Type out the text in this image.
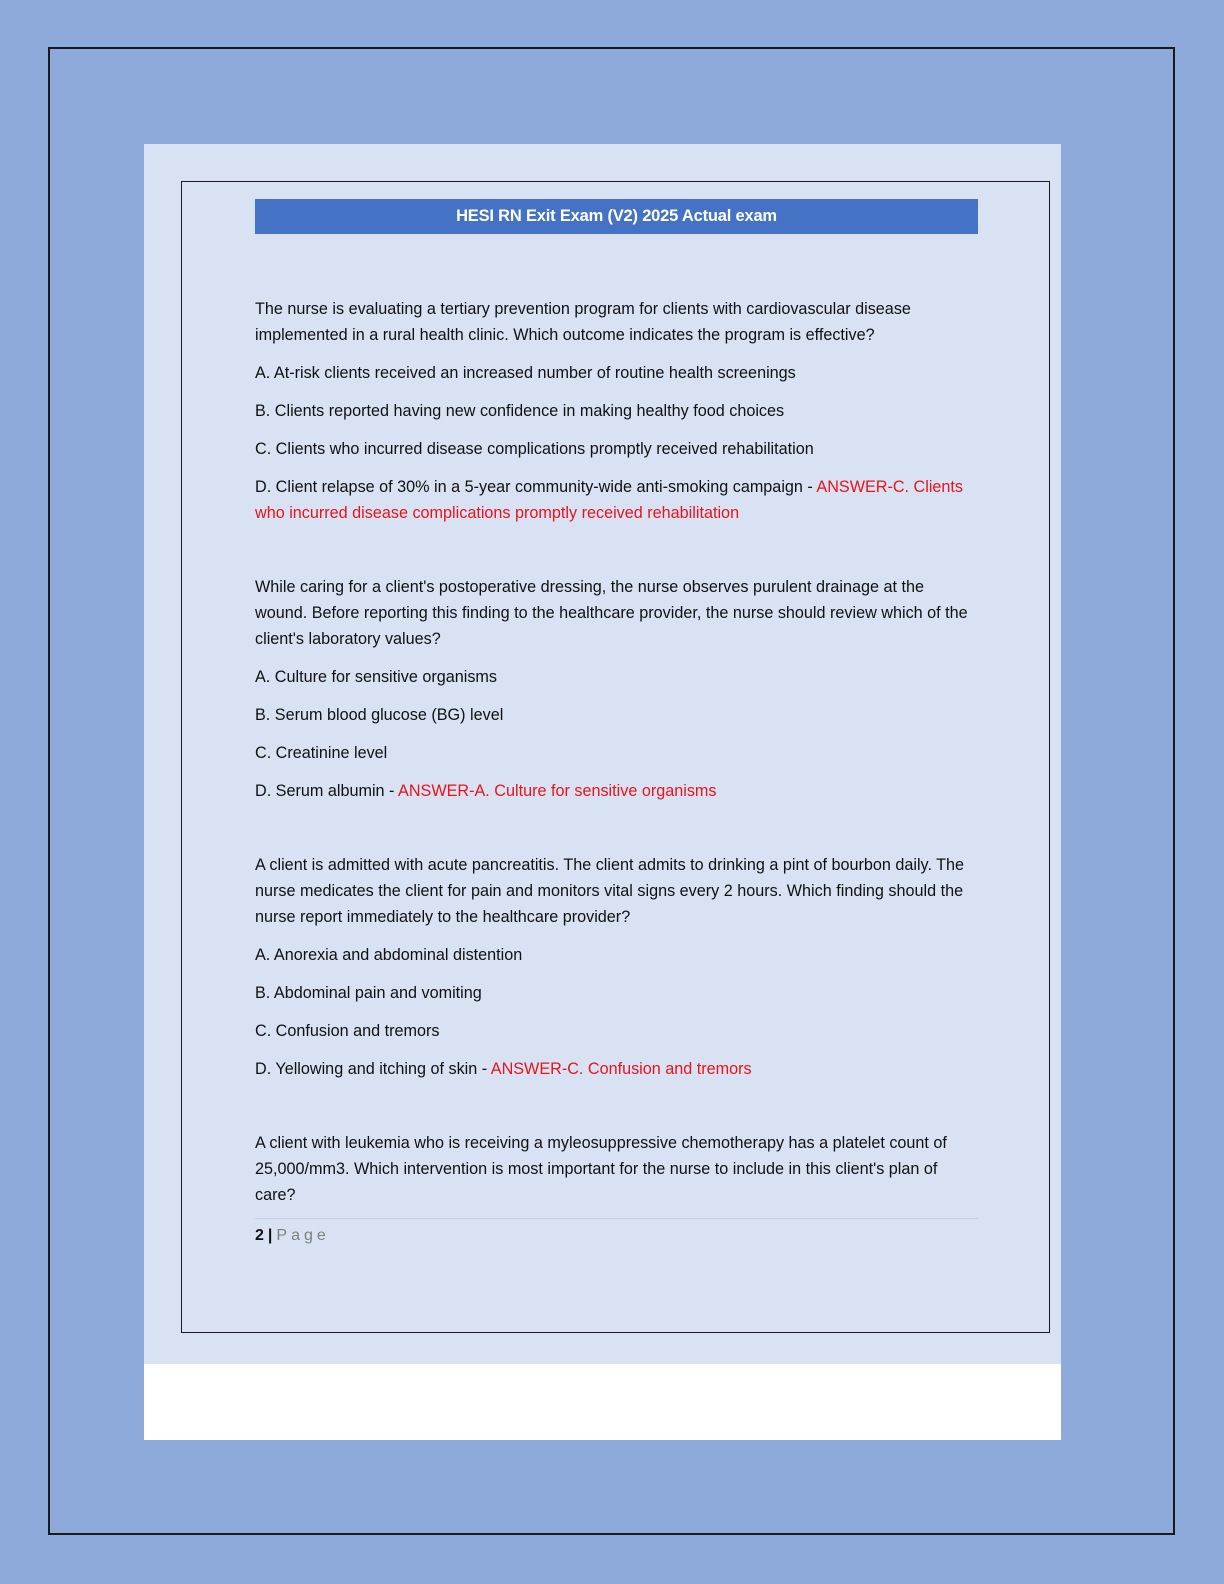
HESI RN Exit Exam (V2) 2025 Actual exam

The nurse is evaluating a tertiary prevention program for clients with cardiovascular disease implemented in a rural health clinic. Which outcome indicates the program is effective?

A. At-risk clients received an increased number of routine health screenings

B. Clients reported having new confidence in making healthy food choices

C. Clients who incurred disease complications promptly received rehabilitation

D. Client relapse of 30% in a 5-year community-wide anti-smoking campaign - ANSWER-C. Clients who incurred disease complications promptly received rehabilitation

While caring for a client's postoperative dressing, the nurse observes purulent drainage at the wound. Before reporting this finding to the healthcare provider, the nurse should review which of the client's laboratory values?

A. Culture for sensitive organisms

B. Serum blood glucose (BG) level

C. Creatinine level

D. Serum albumin - ANSWER-A. Culture for sensitive organisms

A client is admitted with acute pancreatitis. The client admits to drinking a pint of bourbon daily. The nurse medicates the client for pain and monitors vital signs every 2 hours. Which finding should the nurse report immediately to the healthcare provider?

A. Anorexia and abdominal distention

B. Abdominal pain and vomiting

C. Confusion and tremors

D. Yellowing and itching of skin - ANSWER-C. Confusion and tremors

A client with leukemia who is receiving a myleosuppressive chemotherapy has a platelet count of 25,000/mm3. Which intervention is most important for the nurse to include in this client's plan of care?

2 | Page
